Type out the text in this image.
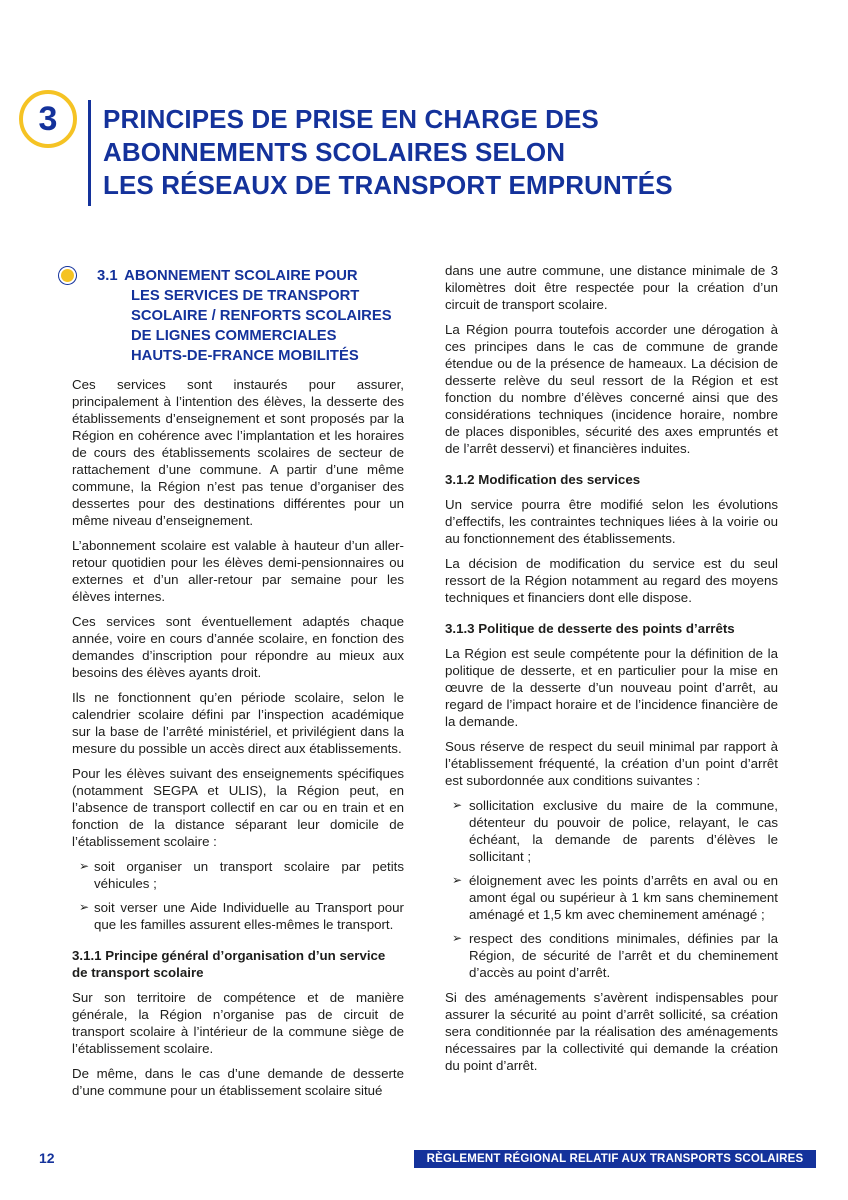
3 PRINCIPES DE PRISE EN CHARGE DES
ABONNEMENTS SCOLAIRES SELON
LES RÉSEAUX DE TRANSPORT EMPRUNTÉS
3.1 ABONNEMENT SCOLAIRE POUR
LES SERVICES DE TRANSPORT
SCOLAIRE / RENFORTS SCOLAIRES
DE LIGNES COMMERCIALES
HAUTS-DE-FRANCE MOBILITÉS

Ces services sont instaurés pour assurer, principalement à l’intention des élèves, la desserte des établissements d’enseignement et sont proposés par la Région en cohérence avec l’implantation et les horaires de cours des établissements scolaires de secteur de rattachement d’une commune. A partir d’une même commune, la Région n’est pas tenue d’organiser des dessertes pour des destinations différentes pour un même niveau d’enseignement.

L’abonnement scolaire est valable à hauteur d’un aller-retour quotidien pour les élèves demi-pensionnaires ou externes et d’un aller-retour par semaine pour les élèves internes.

Ces services sont éventuellement adaptés chaque année, voire en cours d’année scolaire, en fonction des demandes d’inscription pour répondre au mieux aux besoins des élèves ayants droit.

Ils ne fonctionnent qu’en période scolaire, selon le calendrier scolaire défini par l’inspection académique sur la base de l’arrêté ministériel, et privilégient dans la mesure du possible un accès direct aux établissements.

Pour les élèves suivant des enseignements spécifiques (notamment SEGPA et ULIS), la Région peut, en l’absence de transport collectif en car ou en train et en fonction de la distance séparant leur domicile de l’établissement scolaire :

➢ soit organiser un transport scolaire par petits véhicules ;
➢ soit verser une Aide Individuelle au Transport pour que les familles assurent elles-mêmes le transport.
3.1.1 Principe général d’organisation d’un service de transport scolaire

Sur son territoire de compétence et de manière générale, la Région n’organise pas de circuit de transport scolaire à l’intérieur de la commune siège de l’établissement scolaire.

De même, dans le cas d’une demande de desserte d’une commune pour un établissement scolaire situé

dans une autre commune, une distance minimale de 3 kilomètres doit être respectée pour la création d’un circuit de transport scolaire.

La Région pourra toutefois accorder une dérogation à ces principes dans le cas de commune de grande étendue ou de la présence de hameaux. La décision de desserte relève du seul ressort de la Région et est fonction du nombre d’élèves concerné ainsi que des considérations techniques (incidence horaire, nombre de places disponibles, sécurité des axes empruntés et de l’arrêt desservi) et financières induites.

3.1.2 Modification des services

Un service pourra être modifié selon les évolutions d’effectifs, les contraintes techniques liées à la voirie ou au fonctionnement des établissements.

La décision de modification du service est du seul ressort de la Région notamment au regard des moyens techniques et financiers dont elle dispose.

3.1.3 Politique de desserte des points d’arrêts

La Région est seule compétente pour la définition de la politique de desserte, et en particulier pour la mise en œuvre de la desserte d’un nouveau point d’arrêt, au regard de l’impact horaire et de l’incidence financière de la demande.

Sous réserve de respect du seuil minimal par rapport à l’établissement fréquenté, la création d’un point d’arrêt est subordonnée aux conditions suivantes :

➢ sollicitation exclusive du maire de la commune, détenteur du pouvoir de police, relayant, le cas échéant, la demande de parents d’élèves le sollicitant ;
➢ éloignement avec les points d’arrêts en aval ou en amont égal ou supérieur à 1 km sans cheminement aménagé et 1,5 km avec cheminement aménagé ;
➢ respect des conditions minimales, définies par la Région, de sécurité de l’arrêt et du cheminement d’accès au point d’arrêt.

Si des aménagements s’avèrent indispensables pour assurer la sécurité au point d’arrêt sollicité, sa création sera conditionnée par la réalisation des aménagements nécessaires par la collectivité qui demande la création du point d’arrêt.

12	RÈGLEMENT RÉGIONAL RELATIF AUX TRANSPORTS SCOLAIRES
